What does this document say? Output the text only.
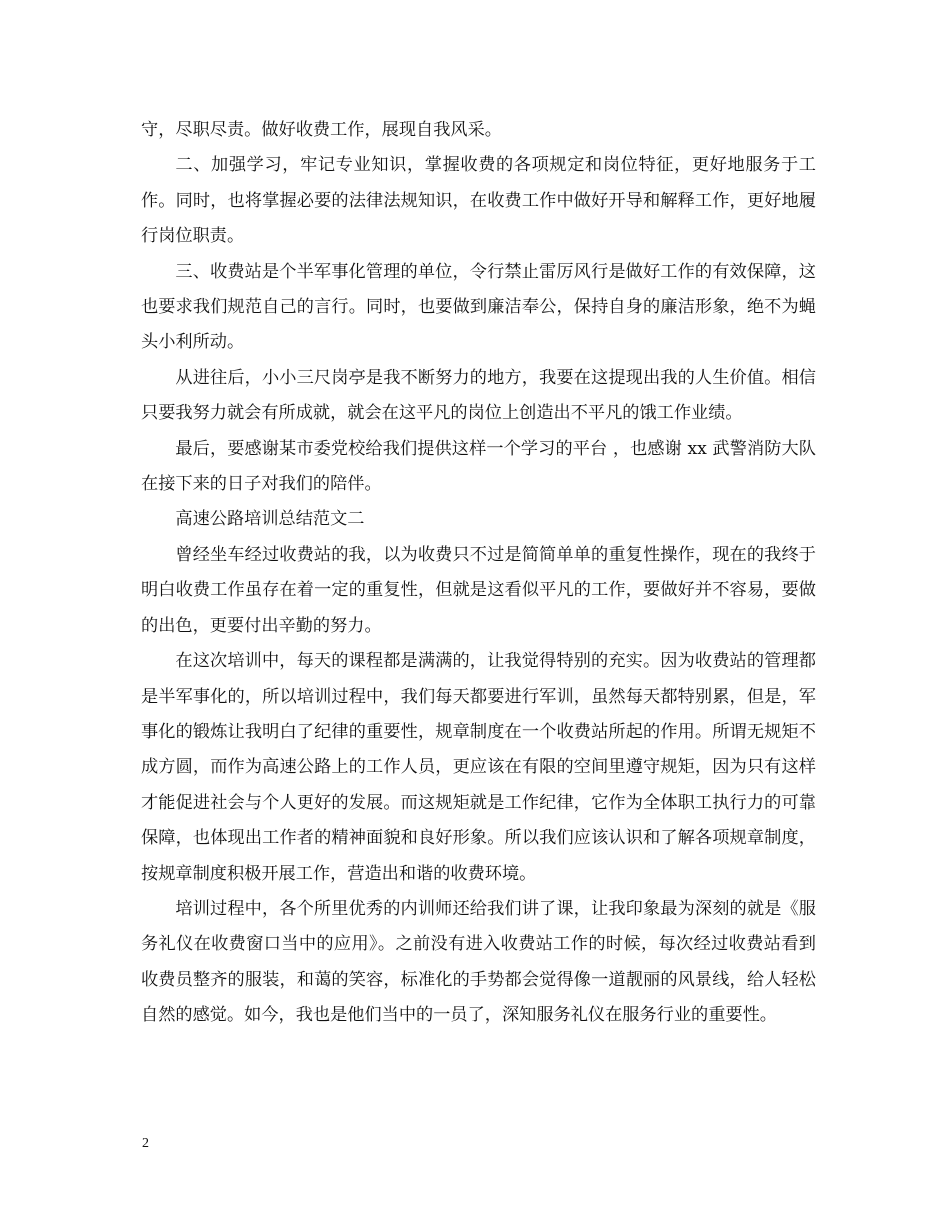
守，尽职尽责。做好收费工作，展现自我风采。

二、加强学习，牢记专业知识，掌握收费的各项规定和岗位特征，更好地服务于工作。同时，也将掌握必要的法律法规知识，在收费工作中做好开导和解释工作，更好地履行岗位职责。

三、收费站是个半军事化管理的单位，令行禁止雷厉风行是做好工作的有效保障，这也要求我们规范自己的言行。同时，也要做到廉洁奉公，保持自身的廉洁形象，绝不为蝇头小利所动。

从进往后，小小三尺岗亭是我不断努力的地方，我要在这提现出我的人生价值。相信只要我努力就会有所成就，就会在这平凡的岗位上创造出不平凡的饿工作业绩。

最后，要感谢某市委党校给我们提供这样一个学习的平台 ，也感谢 xx 武警消防大队在接下来的日子对我们的陪伴。

高速公路培训总结范文二

曾经坐车经过收费站的我，以为收费只不过是简简单单的重复性操作，现在的我终于明白收费工作虽存在着一定的重复性，但就是这看似平凡的工作，要做好并不容易，要做的出色，更要付出辛勤的努力。

在这次培训中，每天的课程都是满满的，让我觉得特别的充实。因为收费站的管理都是半军事化的，所以培训过程中，我们每天都要进行军训，虽然每天都特别累，但是，军事化的锻炼让我明白了纪律的重要性，规章制度在一个收费站所起的作用。所谓无规矩不成方圆，而作为高速公路上的工作人员，更应该在有限的空间里遵守规矩，因为只有这样才能促进社会与个人更好的发展。而这规矩就是工作纪律，它作为全体职工执行力的可靠保障，也体现出工作者的精神面貌和良好形象。所以我们应该认识和了解各项规章制度，按规章制度积极开展工作，营造出和谐的收费环境。

培训过程中，各个所里优秀的内训师还给我们讲了课，让我印象最为深刻的就是《服务礼仪在收费窗口当中的应用》。之前没有进入收费站工作的时候，每次经过收费站看到收费员整齐的服装，和蔼的笑容，标准化的手势都会觉得像一道靓丽的风景线，给人轻松自然的感觉。如今，我也是他们当中的一员了，深知服务礼仪在服务行业的重要性。

2
